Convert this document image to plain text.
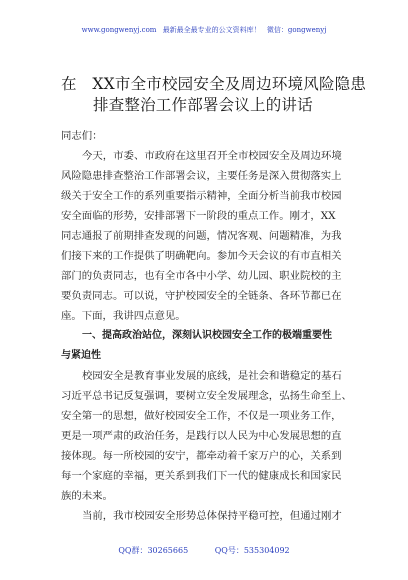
www.gongwenyj.com 最新最全最专业的公文资料库！ 微信：gongwenyj
在　XX市全市校园安全及周边环境风险隐患
排查整治工作部署会议上的讲话
同志们：
今天，市委、市政府在这里召开全市校园安全及周边环境
风险隐患排查整治工作部署会议，主要任务是深入贯彻落实上
级关于安全工作的系列重要指示精神，全面分析当前我市校园
安全面临的形势，安排部署下一阶段的重点工作。刚才，XX
同志通报了前期排查发现的问题，情况客观、问题精准，为我
们接下来的工作提供了明确靶向。参加今天会议的有市直相关
部门的负责同志，也有全市各中小学、幼儿园、职业院校的主
要负责同志。可以说，守护校园安全的全链条、各环节都已在
座。下面，我讲四点意见。
一、提高政治站位，深刻认识校园安全工作的极端重要性
与紧迫性
校园安全是教育事业发展的底线，是社会和谐稳定的基石
习近平总书记反复强调，要树立安全发展理念，弘扬生命至上、
安全第一的思想，做好校园安全工作，不仅是一项业务工作，
更是一项严肃的政治任务，是践行以人民为中心发展思想的直
接体现。每一所校园的安宁，都牵动着千家万户的心，关系到
每一个家庭的幸福，更关系到我们下一代的健康成长和国家民
族的未来。
当前，我市校园安全形势总体保持平稳可控，但通过刚才
QQ群：30265665	QQ号：535304092
